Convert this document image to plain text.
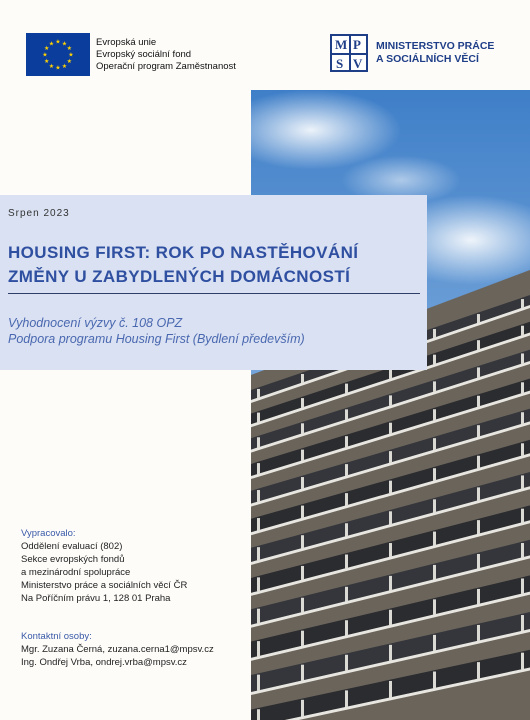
★ ★
★
★
★
★
★
★
★
★
★
★	Evropská unie
Evropský sociální fond
Operační program Zaměstnanost
M P
S V
MINISTERSTVO PRÁCE
A SOCIÁLNÍCH VĚCÍ
Srpen 2023
HOUSING FIRST: ROK PO NASTĚHOVÁNÍ
ZMĚNY U ZABYDLENÝCH DOMÁCNOSTÍ
Vyhodnocení výzvy č. 108 OPZ
Podpora programu Housing First (Bydlení především)
Vypracovalo:
Oddělení evaluací (802)
Sekce evropských fondů
a mezinárodní spolupráce
Ministerstvo práce a sociálních věcí ČR
Na Poříčním právu 1, 128 01 Praha
Kontaktní osoby:
Mgr. Zuzana Černá, zuzana.cerna1@mpsv.cz
Ing. Ondřej Vrba, ondrej.vrba@mpsv.cz
